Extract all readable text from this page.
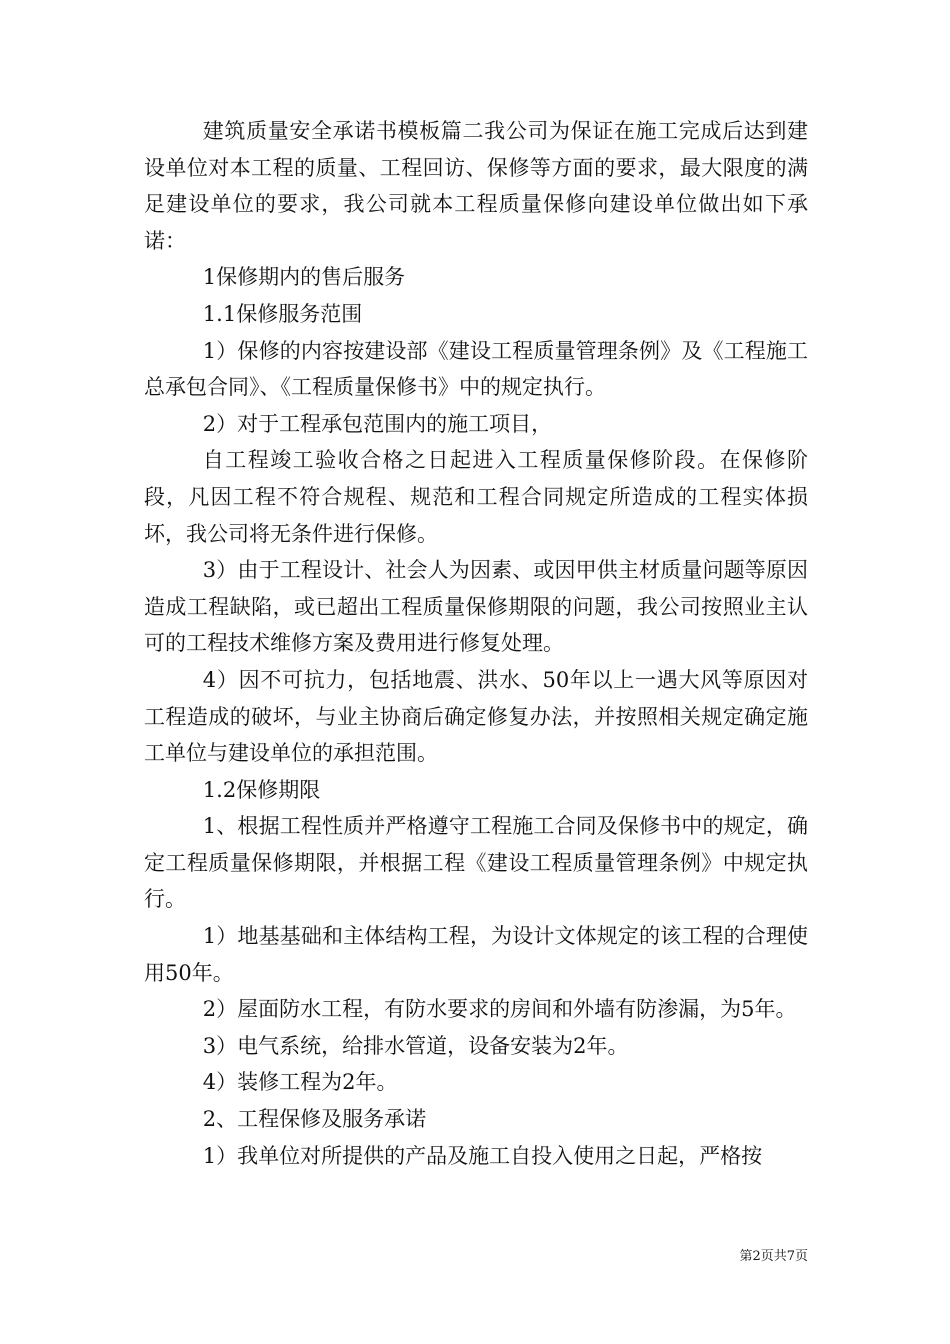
建筑质量安全承诺书模板篇二我公司为保证在施工完成后达到建设单位对本工程的质量、工程回访、保修等方面的要求，最大限度的满足建设单位的要求，我公司就本工程质量保修向建设单位做出如下承诺：

1保修期内的售后服务

1.1保修服务范围

1）保修的内容按建设部《建设工程质量管理条例》及《工程施工总承包合同》、《工程质量保修书》中的规定执行。

2）对于工程承包范围内的施工项目，

自工程竣工验收合格之日起进入工程质量保修阶段。在保修阶段，凡因工程不符合规程、规范和工程合同规定所造成的工程实体损坏，我公司将无条件进行保修。

3）由于工程设计、社会人为因素、或因甲供主材质量问题等原因造成工程缺陷，或已超出工程质量保修期限的问题，我公司按照业主认可的工程技术维修方案及费用进行修复处理。

4）因不可抗力，包括地震、洪水、50年以上一遇大风等原因对工程造成的破坏，与业主协商后确定修复办法，并按照相关规定确定施工单位与建设单位的承担范围。

1.2保修期限

1、根据工程性质并严格遵守工程施工合同及保修书中的规定，确定工程质量保修期限，并根据工程《建设工程质量管理条例》中规定执行。

1）地基基础和主体结构工程，为设计文体规定的该工程的合理使用50年。

2）屋面防水工程，有防水要求的房间和外墙有防渗漏，为5年。

3）电气系统，给排水管道，设备安装为2年。

4）装修工程为2年。

2、工程保修及服务承诺

1）我单位对所提供的产品及施工自投入使用之日起，严格按

第2页共7页
